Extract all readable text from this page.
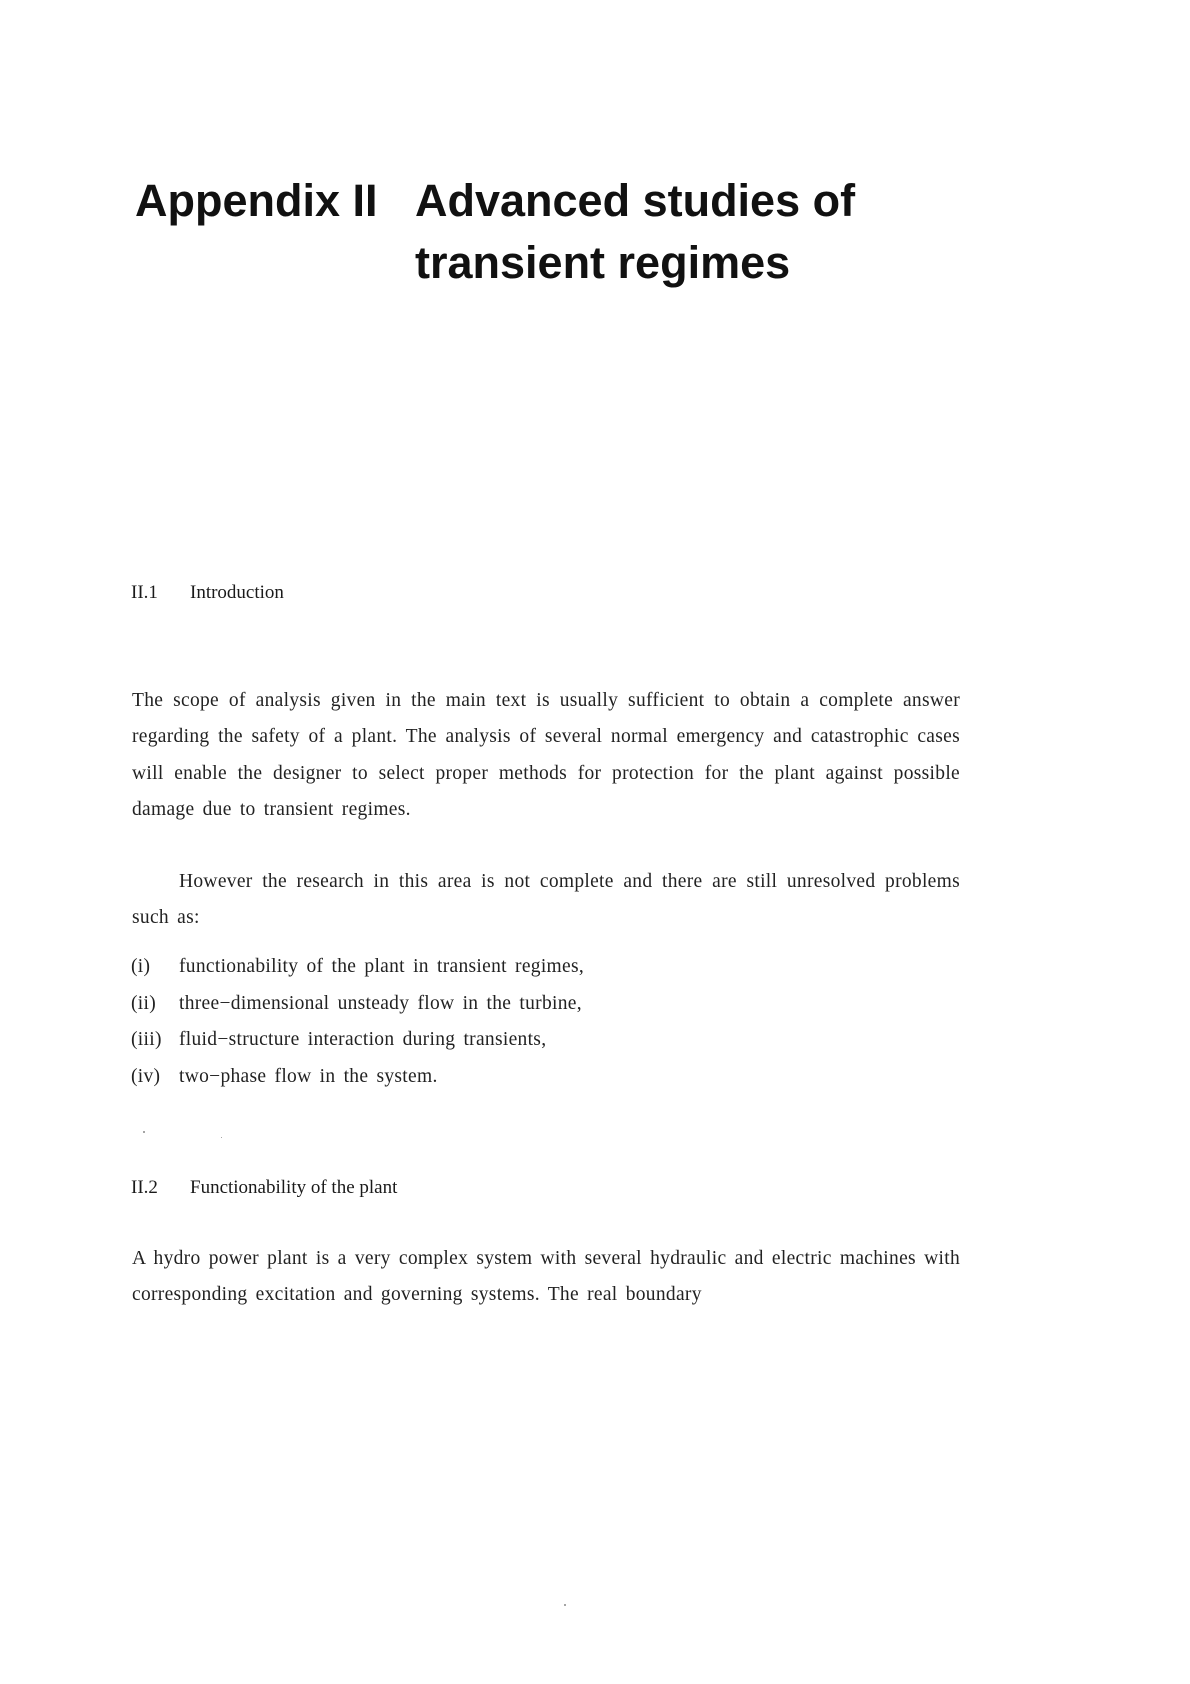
Appendix II Advanced studies of transient regimes
II.1	Introduction

The scope of analysis given in the main text is usually sufficient to obtain a complete answer regarding the safety of a plant. The analysis of several normal emergency and catastrophic cases will enable the designer to select proper methods for protection for the plant against possible damage due to transient regimes.

However the research in this area is not complete and there are still unresolved problems such as:

(i)	functionability of the plant in transient regimes,
(ii)	three−dimensional unsteady flow in the turbine,
(iii) fluid−structure interaction during transients,
(iv) two−phase flow in the system.
II.2	Functionability of the plant

A hydro power plant is a very complex system with several hydraulic and electric machines with corresponding excitation and governing systems. The real boundary
